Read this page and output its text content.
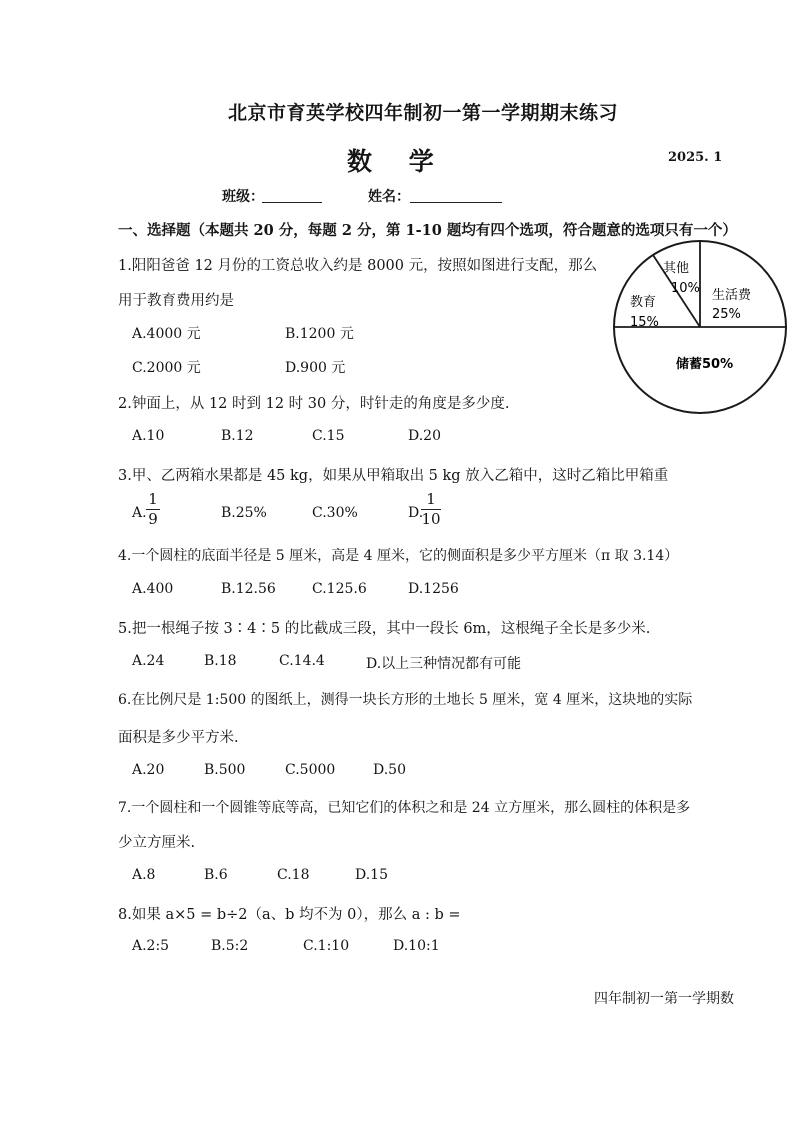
北京市育英学校四年制初一第一学期期末练习
数 学	2025. 1
班级：	姓名：
一、选择题（本题共 20 分，每题 2 分，第 1-10 题均有四个选项，符合题意的选项只有一个）
1.阳阳爸爸 12 月份的工资总收入约是 8000 元，按照如图进行支配，那么
用于教育费用约是
A.4000 元	B.1200 元
C.2000 元	D.900 元
其他
10%
教育
15%
生活费
25%
储蓄50%
2.钟面上，从 12 时到 12 时 30 分，时针走的角度是多少度.
A.10	B.12	C.15	D.20
3.甲、乙两箱水果都是 45 kg，如果从甲箱取出 5 kg 放入乙箱中，这时乙箱比甲箱重
A.
1
9	B.25%	C.30%	D.
1
10
4.一个圆柱的底面半径是 5 厘米，高是 4 厘米，它的侧面积是多少平方厘米（π 取 3.14）
A.400	B.12.56	C.125.6	D.1256
5.把一根绳子按 3∶4∶5 的比截成三段，其中一段长 6m，这根绳子全长是多少米.
A.24	B.18	C.14.4	D.以上三种情况都有可能
6.在比例尺是 1:500 的图纸上，测得一块长方形的土地长 5 厘米，宽 4 厘米，这块地的实际
面积是多少平方米.
A.20	B.500	C.5000	D.50
7.一个圆柱和一个圆锥等底等高，已知它们的体积之和是 24 立方厘米，那么圆柱的体积是多
少立方厘米.
A.8	B.6	C.18	D.15
8.如果 a×5 = b÷2（a、b 均不为 0），那么 a : b =
A.2:5	B.5:2	C.1:10	D.10:1
四年制初一第一学期数
